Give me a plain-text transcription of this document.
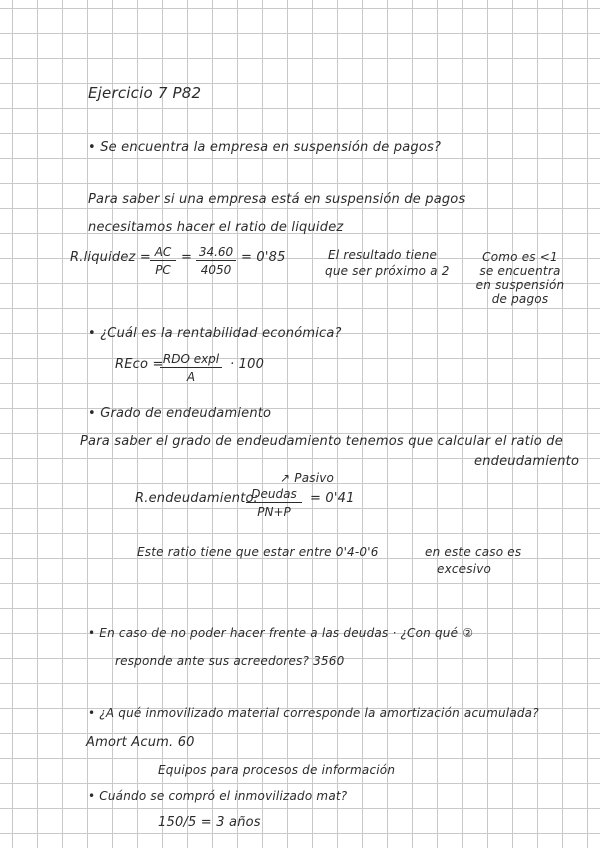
Ejercicio 7 P82
• Se encuentra la empresa en suspensión de pagos?
Para saber si una empresa está en suspensión de pagos
necesitamos hacer el ratio de liquidez
R.liquidez = AC
PC
= 34.60
4050
= 0'85	El resultado tiene
que ser próximo a 2
Como es <1
se encuentra
en suspensión
de pagos
• ¿Cuál es la rentabilidad económica?
REco = RDO expl
A
· 100
• Grado de endeudamiento
Para saber el grado de endeudamiento tenemos que calcular el ratio de
endeudamiento
↗ Pasivo
R.endeudamiento:
Deudas
PN+P
= 0'41
Este ratio tiene que estar entre 0'4-0'6	en este caso es
excesivo
• En caso de no poder hacer frente a las deudas · ¿Con qué ②
responde ante sus acreedores? 3560
• ¿A qué inmovilizado material corresponde la amortización acumulada?
Amort Acum. 60
Equipos para procesos de información
• Cuándo se compró el inmovilizado mat?
150/5 = 3 años
